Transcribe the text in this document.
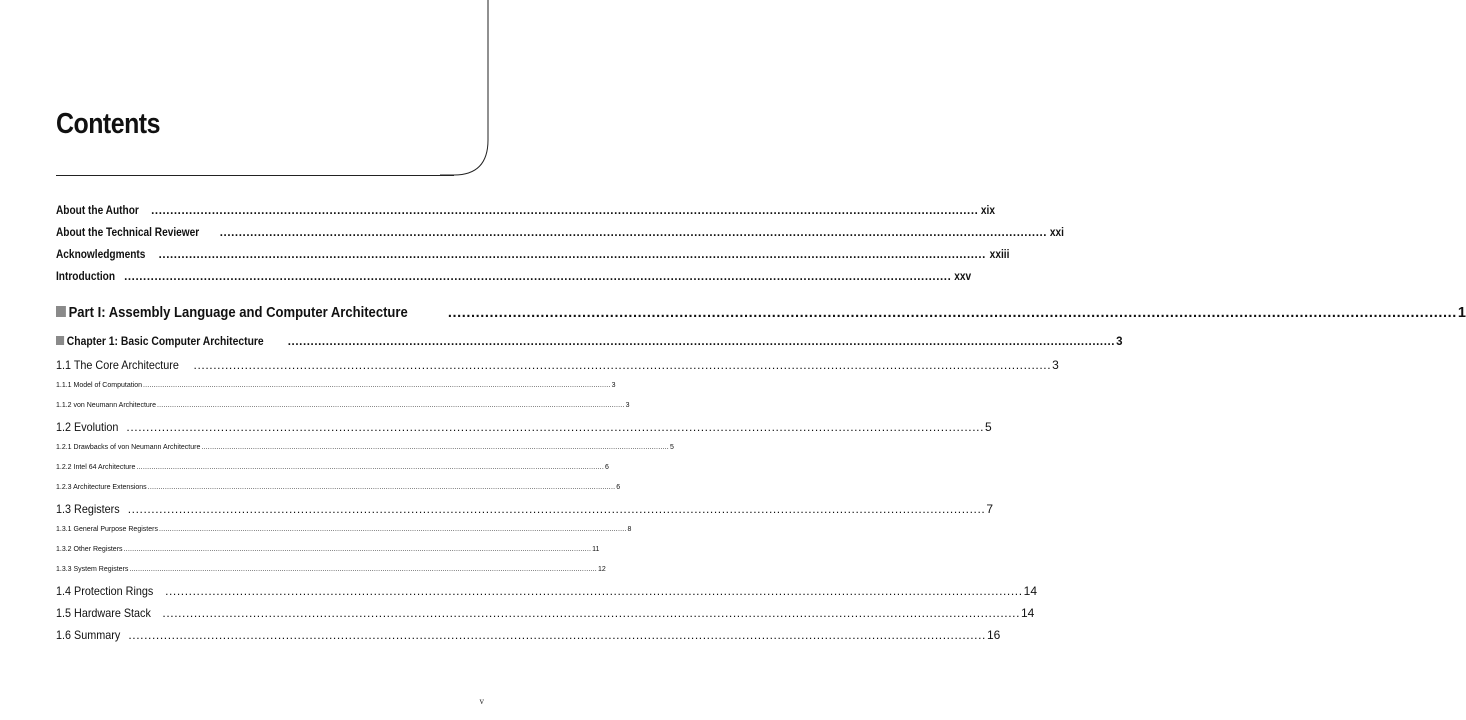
Contents
About the Author .......................................................................................................................................................................................................................... xix
About the Technical Reviewer .......................................................................................................................................................................................................................... xxi
Acknowledgments .......................................................................................................................................................................................................................... xxiii
Introduction .......................................................................................................................................................................................................................... xxv
Part I: Assembly Language and Computer Architecture	.......................................................................................................................................................................................................................... 1
Chapter 1: Basic Computer Architecture .......................................................................................................................................................................................................................... 3
1.1 The Core Architecture .......................................................................................................................................................................................................................... 3
1.1.1 Model of Computation .......................................................................................................................................................................................................................... 3
1.1.2 von Neumann Architecture .......................................................................................................................................................................................................................... 3
1.2 Evolution .......................................................................................................................................................................................................................... 5
1.2.1 Drawbacks of von Neumann Architecture .......................................................................................................................................................................................................................... 5
1.2.2 Intel 64 Architecture .......................................................................................................................................................................................................................... 6
1.2.3 Architecture Extensions .......................................................................................................................................................................................................................... 6
1.3 Registers .......................................................................................................................................................................................................................... 7
1.3.1 General Purpose Registers .......................................................................................................................................................................................................................... 8
1.3.2 Other Registers .......................................................................................................................................................................................................................... 11
1.3.3 System Registers .......................................................................................................................................................................................................................... 12
1.4 Protection Rings .......................................................................................................................................................................................................................... 14
1.5 Hardware Stack .......................................................................................................................................................................................................................... 14
1.6 Summary .......................................................................................................................................................................................................................... 16
v
